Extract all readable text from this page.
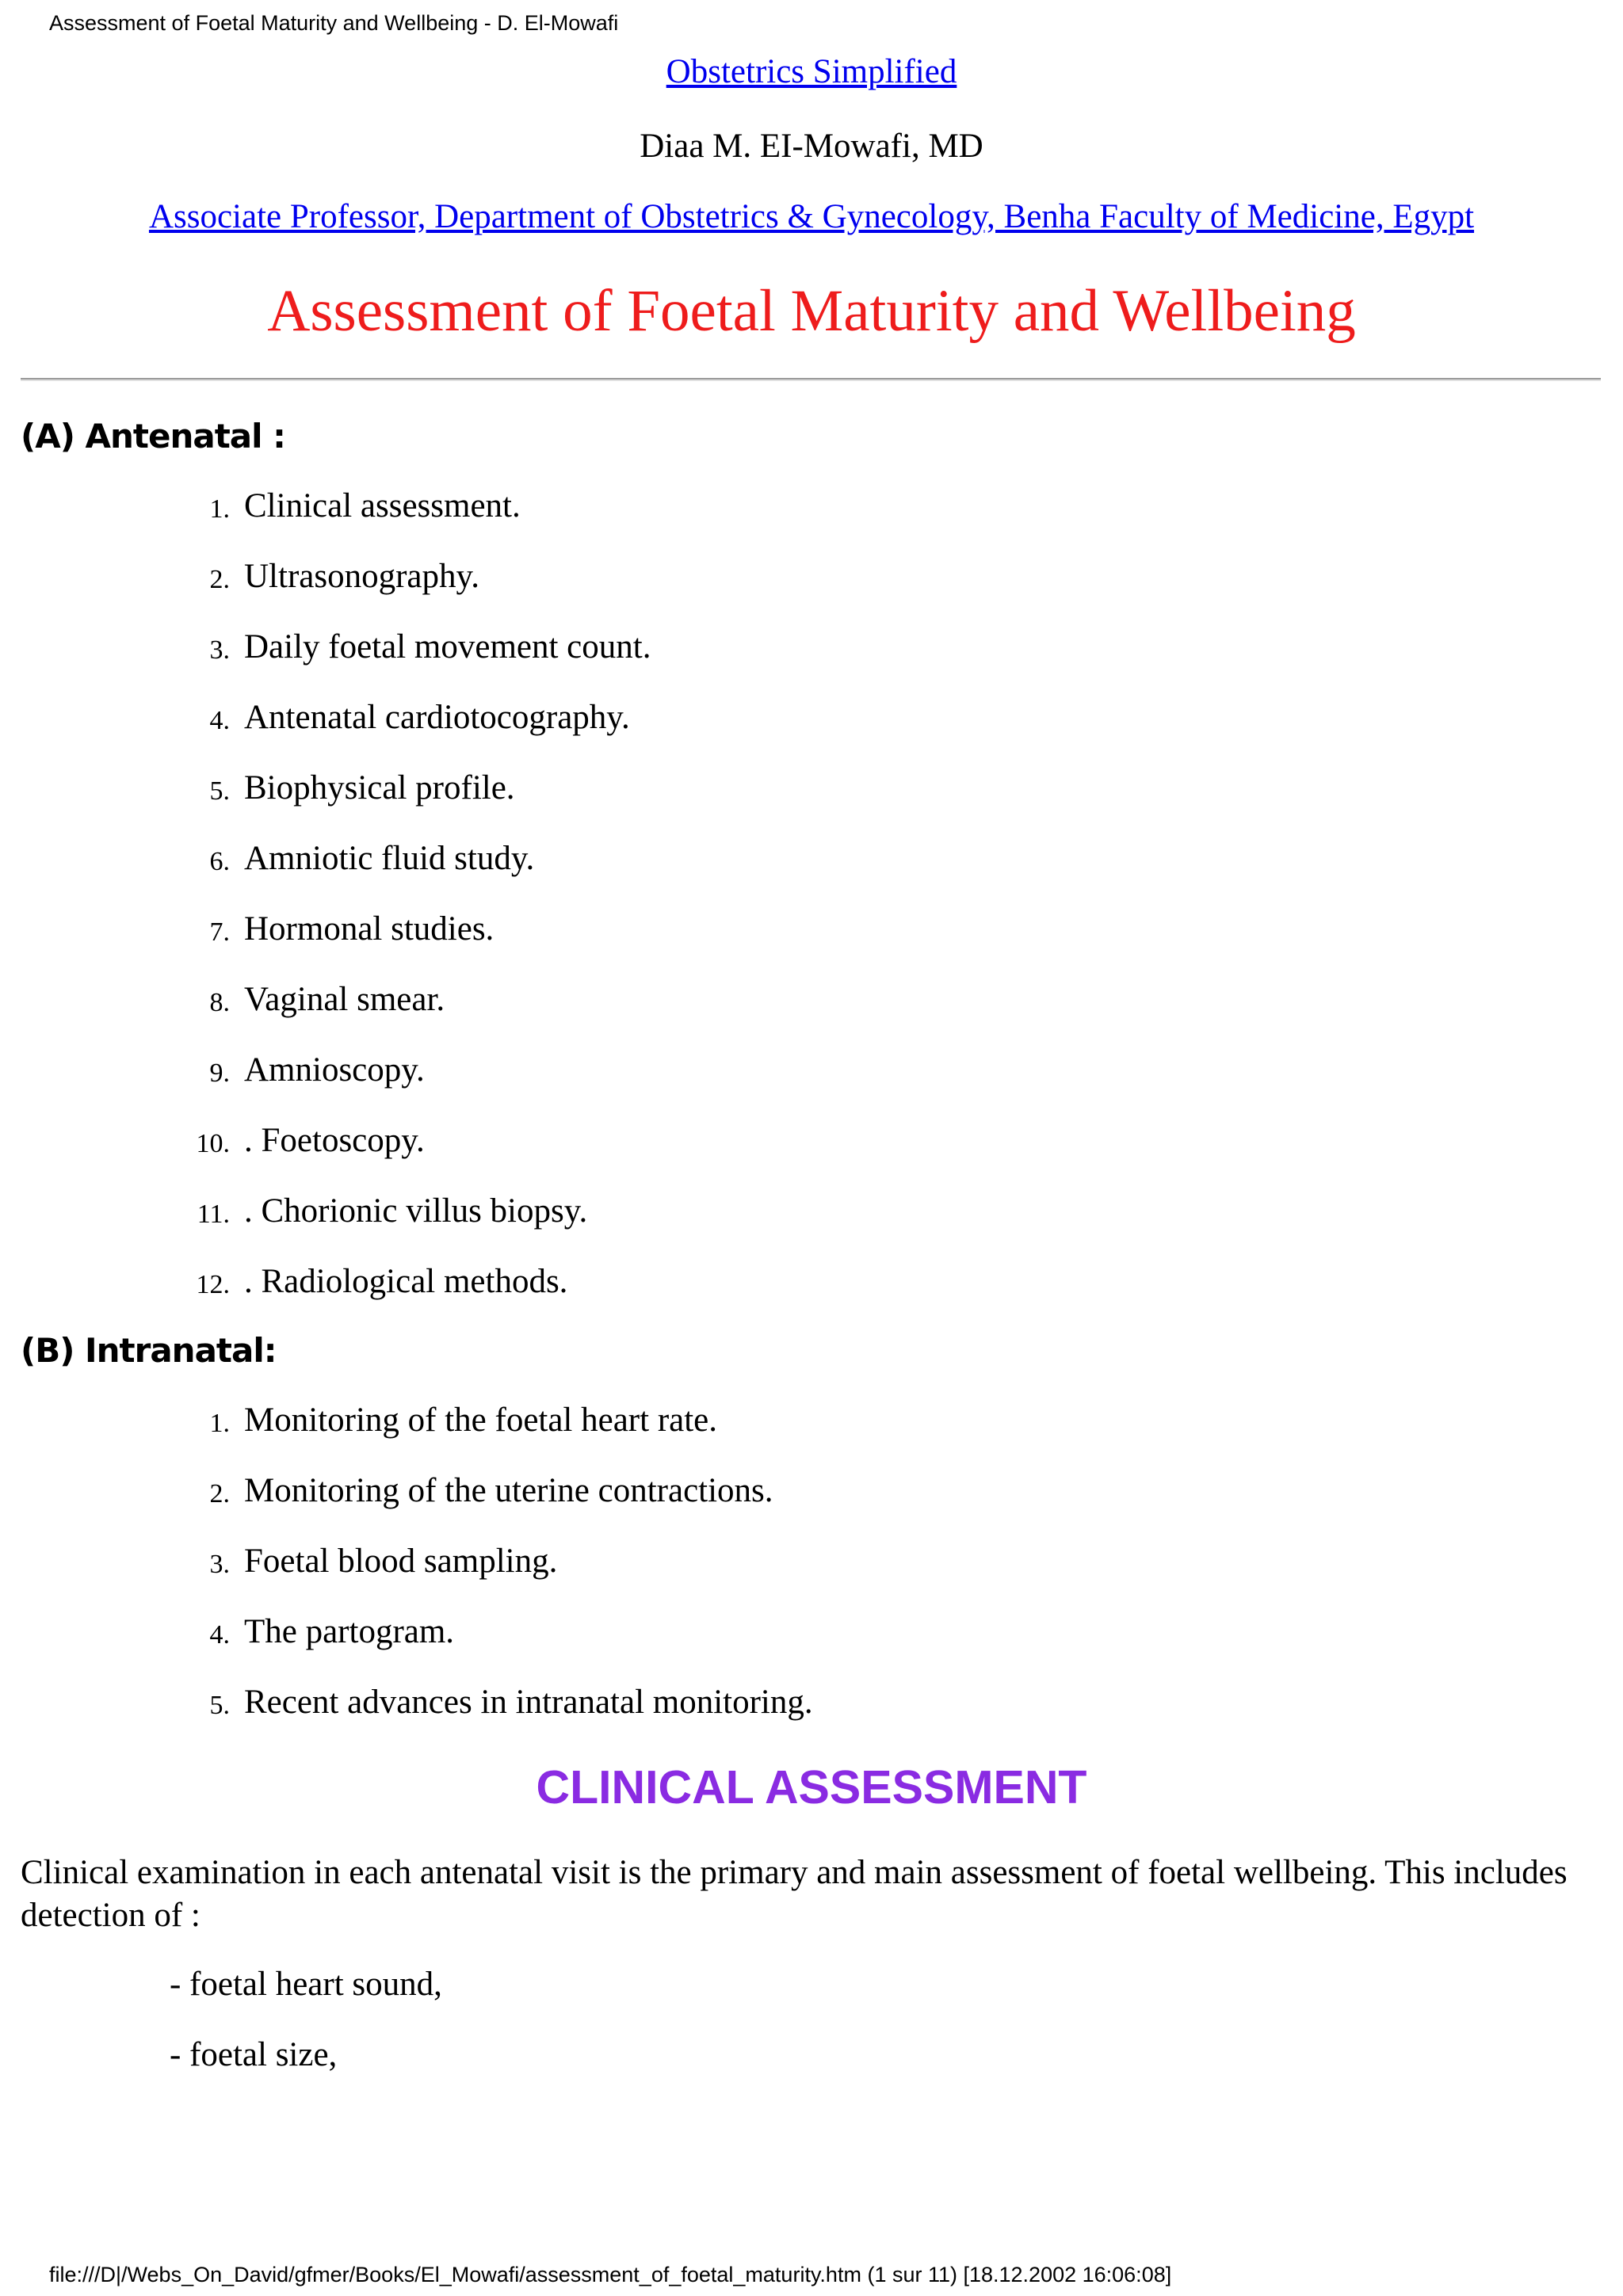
Assessment of Foetal Maturity and Wellbeing - D. El-Mowafi
Obstetrics Simplified
Diaa M. EI-Mowafi, MD
Associate Professor, Department of Obstetrics & Gynecology, Benha Faculty of Medicine, Egypt
Assessment of Foetal Maturity and Wellbeing
(A) Antenatal :
1. Clinical assessment.
2. Ultrasonography.
3. Daily foetal movement count.
4. Antenatal cardiotocography.
5. Biophysical profile.
6. Amniotic fluid study.
7. Hormonal studies.
8. Vaginal smear.
9. Amnioscopy.
10. . Foetoscopy.
11. . Chorionic villus biopsy.
12. . Radiological methods.
(B) Intranatal:
1. Monitoring of the foetal heart rate.
2. Monitoring of the uterine contractions.
3. Foetal blood sampling.
4. The partogram.
5. Recent advances in intranatal monitoring.
CLINICAL ASSESSMENT
Clinical examination in each antenatal visit is the primary and main assessment of foetal wellbeing. This includes detection of :
- foetal heart sound,
- foetal size,
file:///D|/Webs_On_David/gfmer/Books/El_Mowafi/assessment_of_foetal_maturity.htm (1 sur 11) [18.12.2002 16:06:08]
